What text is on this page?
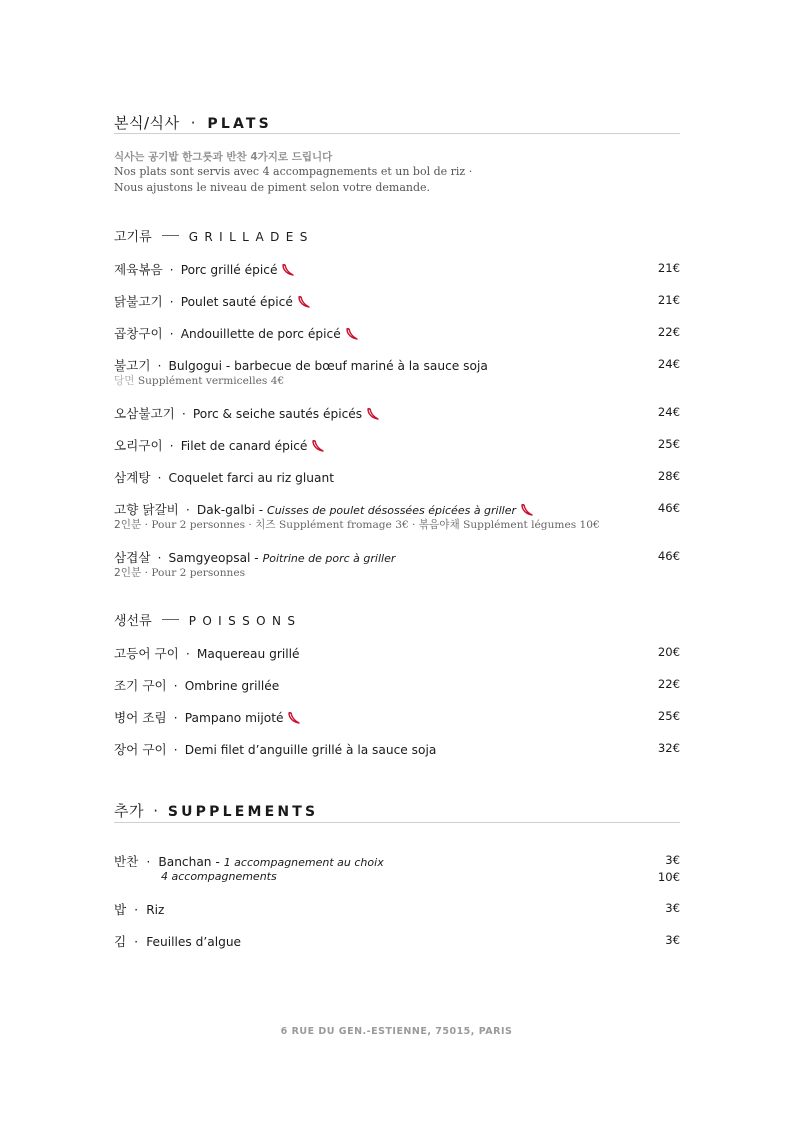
본식/식사 · PLATS
식사는 공기밥 한그릇과 반찬 4가지로 드립니다
Nos plats sont servis avec 4 accompagnements et un bol de riz ·
Nous ajustons le niveau de piment selon votre demande.
고기류	GRILLADES
제육볶음 · Porc grillé épicé	21€
닭불고기 · Poulet sauté épicé	21€
곱창구이 · Andouillette de porc épicé	22€
불고기 · Bulgogui - barbecue de bœuf mariné à la sauce soja	24€
당면 Supplément vermicelles 4€
오삼불고기 · Porc & seiche sautés épicés	24€
오리구이 · Filet de canard épicé	25€
삼계탕 · Coquelet farci au riz gluant	28€
고향 닭갈비 · Dak-galbi - Cuisses de poulet désossées épicées à griller	46€
2인분 · Pour 2 personnes · 치즈 Supplément fromage 3€ · 볶음야채 Supplément légumes 10€
삼겹살 · Samgyeopsal - Poitrine de porc à griller	46€
2인분 · Pour 2 personnes
생선류	POISSONS
고등어 구이 · Maquereau grillé	20€
조기 구이 · Ombrine grillée	22€
병어 조림 · Pampano mijoté	25€
장어 구이 · Demi filet d’anguille grillé à la sauce soja	32€
추가 · SUPPLEMENTS
반찬 · Banchan - 1 accompagnement au choix	3€
4 accompagnements	10€
밥 · Riz	3€
김 · Feuilles d’algue	3€
6 RUE DU GEN.-ESTIENNE, 75015, PARIS
